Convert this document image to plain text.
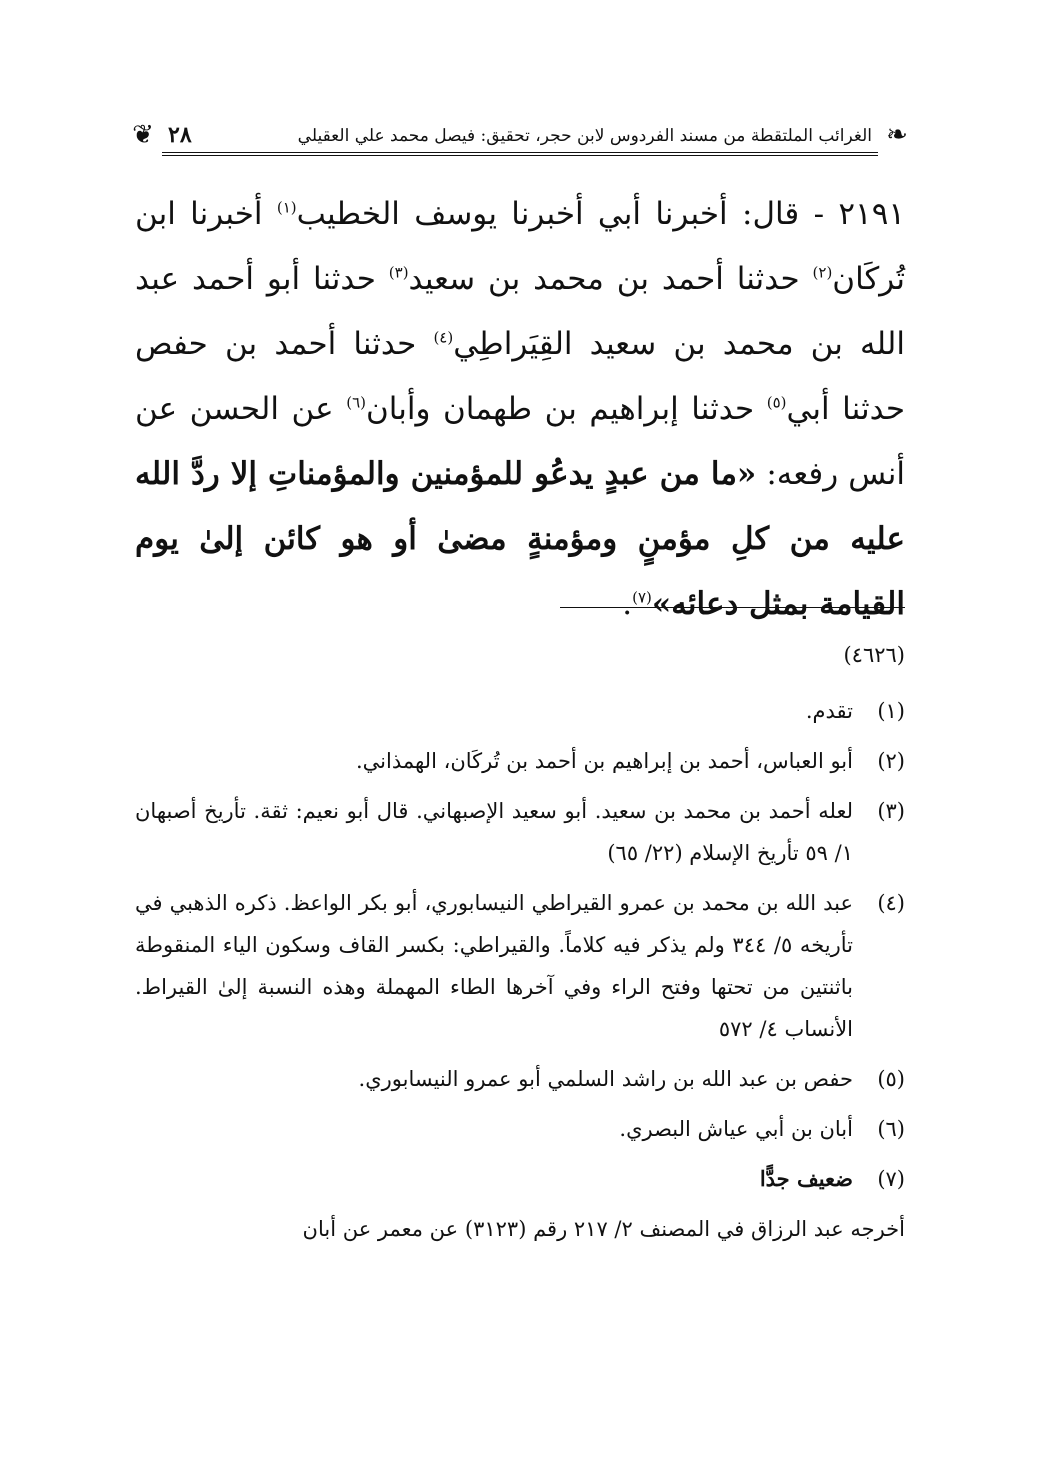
❧
الغرائب الملتقطة من مسند الفردوس لابن حجر، تحقيق: فيصل محمد علي العقيلي
٢٨
❦

٢١٩١ - قال: أخبرنا أبي أخبرنا يوسف الخطيب$^{(١)}$ أخبرنا ابن تُركَان$^{(٢)}$ حدثنا أحمد بن محمد بن سعيد$^{(٣)}$ حدثنا أبو أحمد عبد الله بن محمد بن سعيد القِيَراطِي$^{(٤)}$ حدثنا أحمد بن حفص حدثنا أبي$^{(٥)}$ حدثنا إبراهيم بن طهمان وأبان$^{(٦)}$ عن الحسن عن أنس رفعه: «ما من عبدٍ يدعُو للمؤمنين والمؤمناتِ إلا ردَّ الله عليه من كلِ مؤمنٍ ومؤمنةٍ مضىٰ أو هو كائن إلىٰ يوم القيامة بمثل دعائه»$^{(٧)}$.

(٤٦٢٦)

(١)
تقدم.
(٢)
أبو العباس، أحمد بن إبراهيم بن أحمد بن تُركَان، الهمذاني.
(٣)
لعله أحمد بن محمد بن سعيد. أبو سعيد الإصبهاني. قال أبو نعيم: ثقة. تأريخ أصبهان ١/ ٥٩ تأريخ الإسلام (٢٢/ ٦٥)
(٤)
عبد الله بن محمد بن عمرو القيراطي النيسابوري، أبو بكر الواعظ. ذكره الذهبي في تأريخه ٥/ ٣٤٤ ولم يذكر فيه كلاماً. والقيراطي: بكسر القاف وسكون الياء المنقوطة باثنتين من تحتها وفتح الراء وفي آخرها الطاء المهملة وهذه النسبة إلىٰ القيراط. الأنساب ٤/ ٥٧٢
(٥)
حفص بن عبد الله بن راشد السلمي أبو عمرو النيسابوري.
(٦)
أبان بن أبي عياش البصري.
(٧)
ضعيف جدًّا

أخرجه عبد الرزاق في المصنف ٢/ ٢١٧ رقم (٣١٢٣) عن معمر عن أبان
